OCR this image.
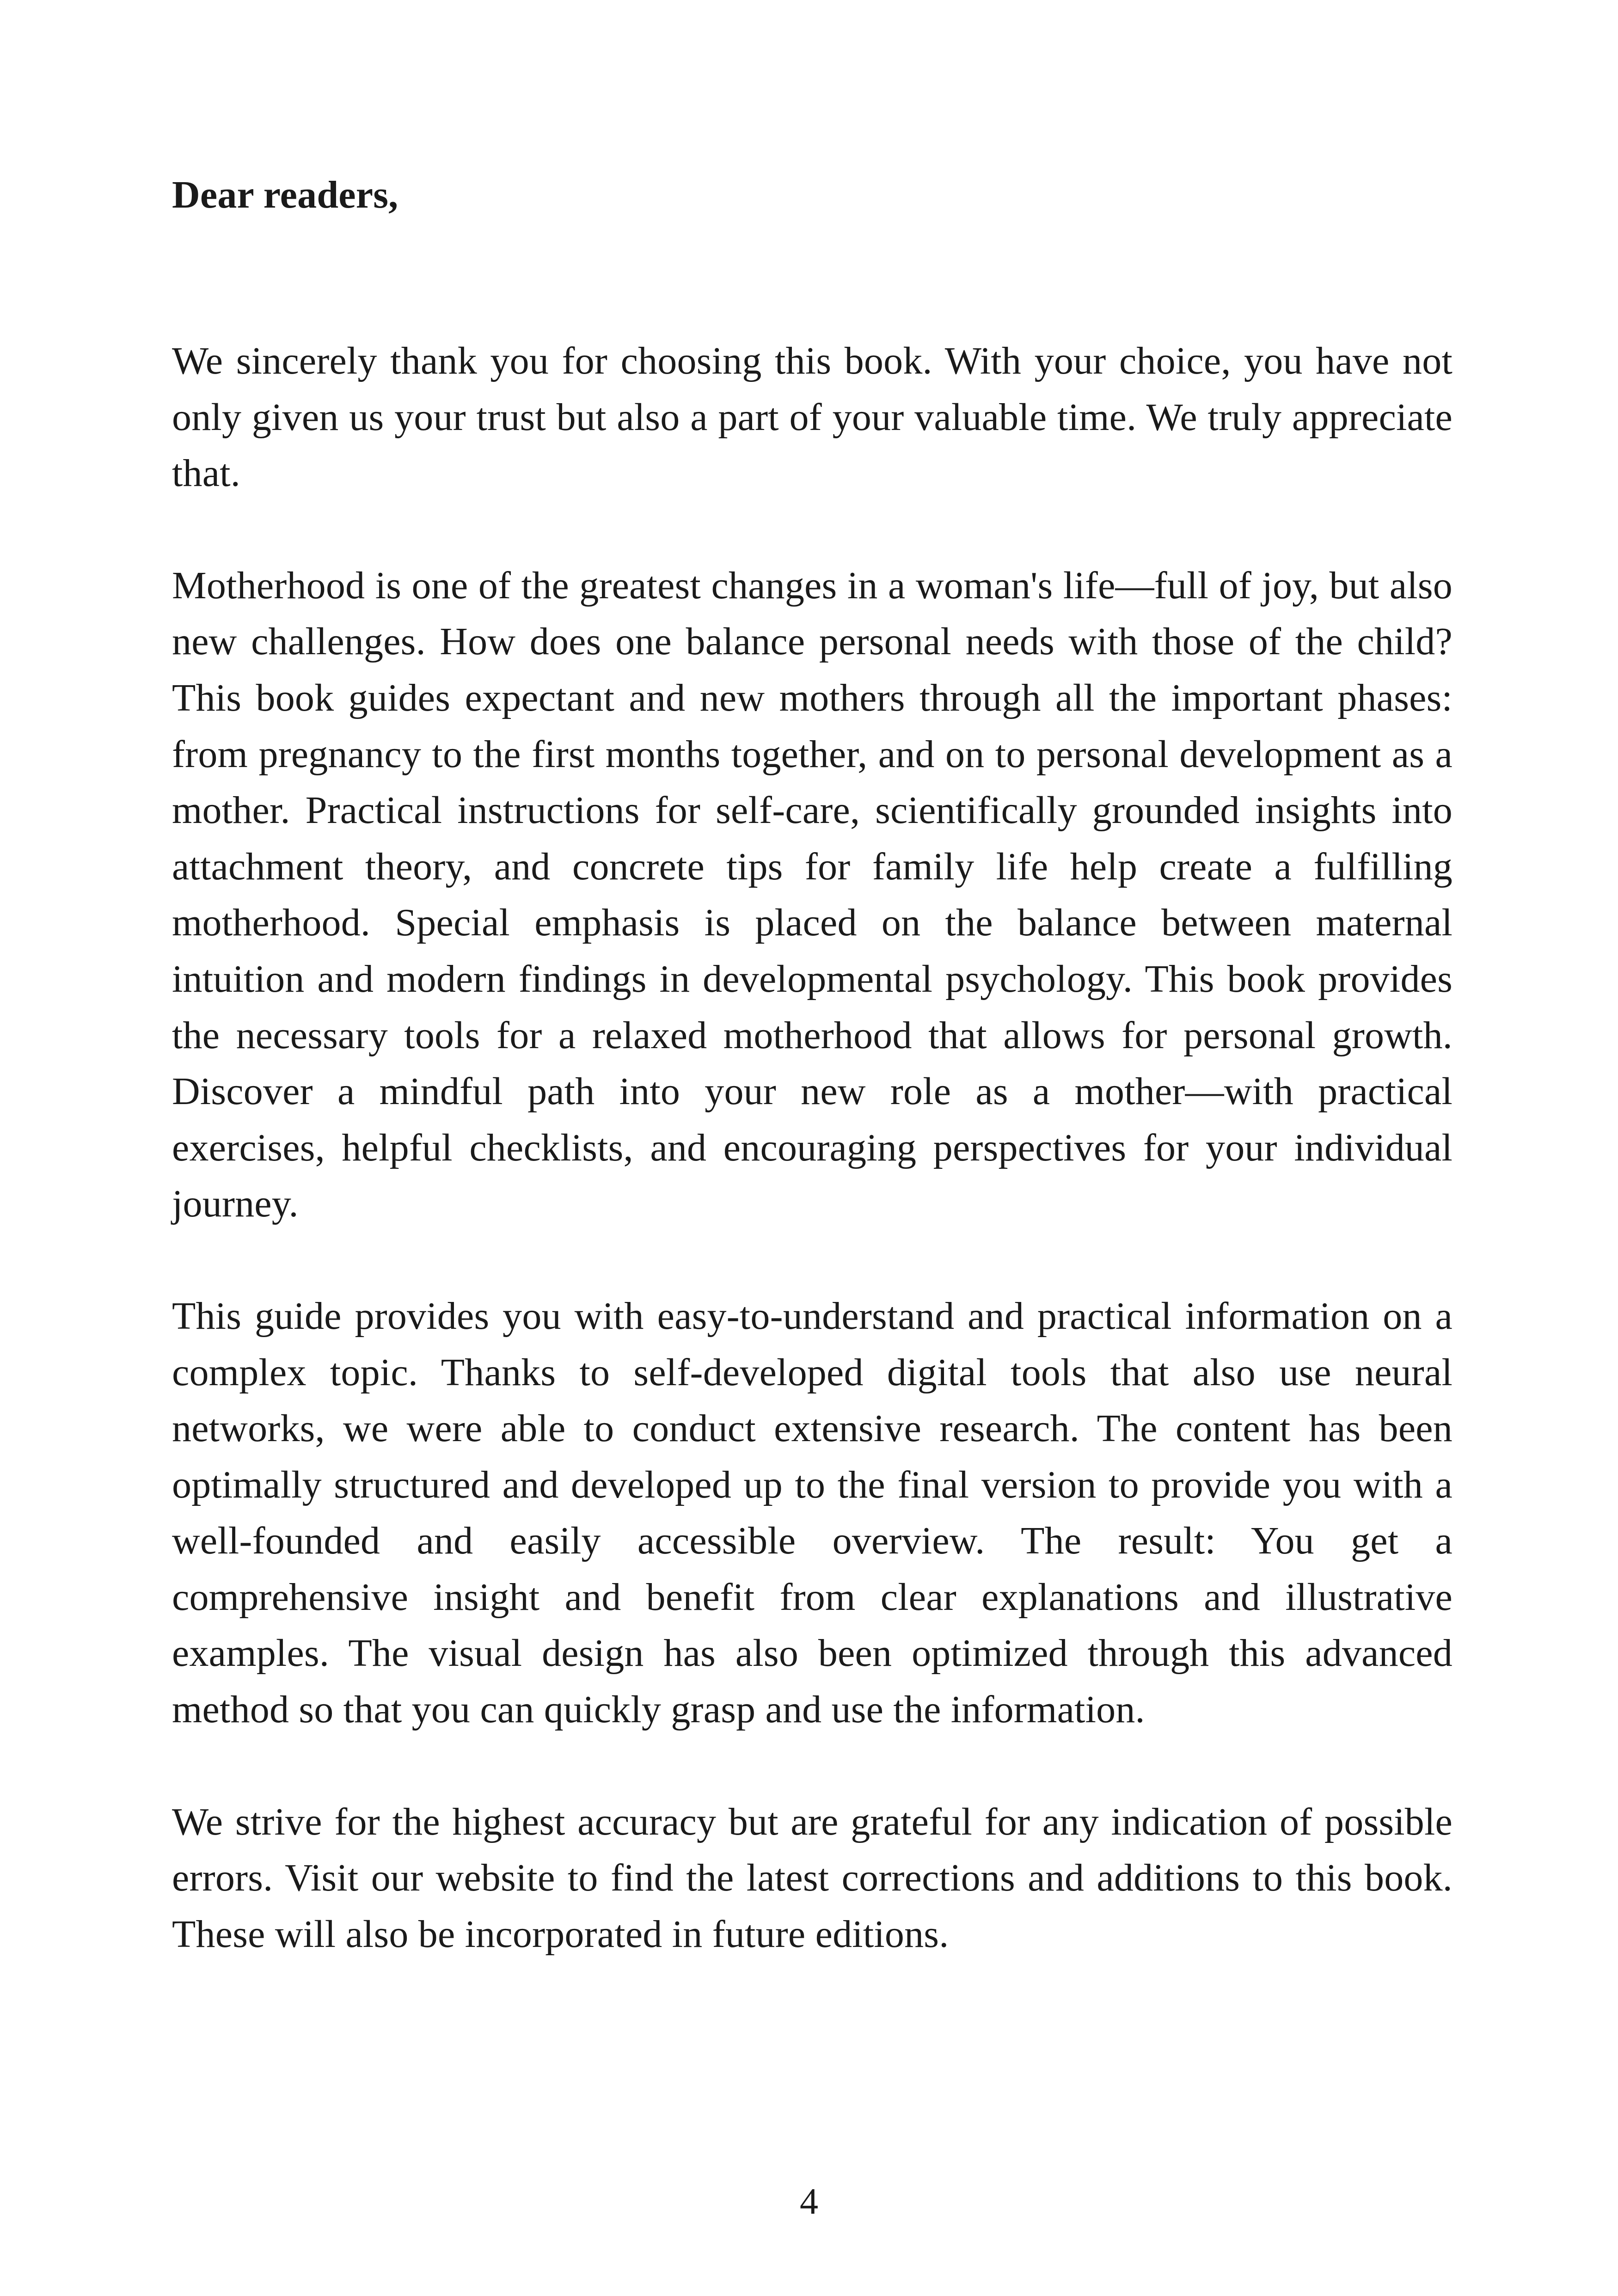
Dear readers,

We sincerely thank you for choosing this book. With your choice, you have not only given us your trust but also a part of your valuable time. We truly appreciate that.

Motherhood is one of the greatest changes in a woman's life—full of joy, but also new challenges. How does one balance personal needs with those of the child? This book guides expectant and new mothers through all the important phases: from pregnancy to the first months together, and on to personal development as a mother. Practical instructions for self-care, scientifically grounded insights into attachment theory, and concrete tips for family life help create a fulfilling motherhood. Special emphasis is placed on the balance between maternal intuition and modern findings in developmental psychology. This book provides the necessary tools for a relaxed motherhood that allows for personal growth. Discover a mindful path into your new role as a mother—with practical exercises, helpful checklists, and encouraging perspectives for your individual journey.

This guide provides you with easy-to-understand and practical information on a complex topic. Thanks to self-developed digital tools that also use neural networks, we were able to conduct extensive research. The content has been optimally structured and developed up to the final version to provide you with a well-founded and easily accessible overview. The result: You get a comprehensive insight and benefit from clear explanations and illustrative examples. The visual design has also been optimized through this advanced method so that you can quickly grasp and use the information.

We strive for the highest accuracy but are grateful for any indication of possible errors. Visit our website to find the latest corrections and additions to this book. These will also be incorporated in future editions.

4
